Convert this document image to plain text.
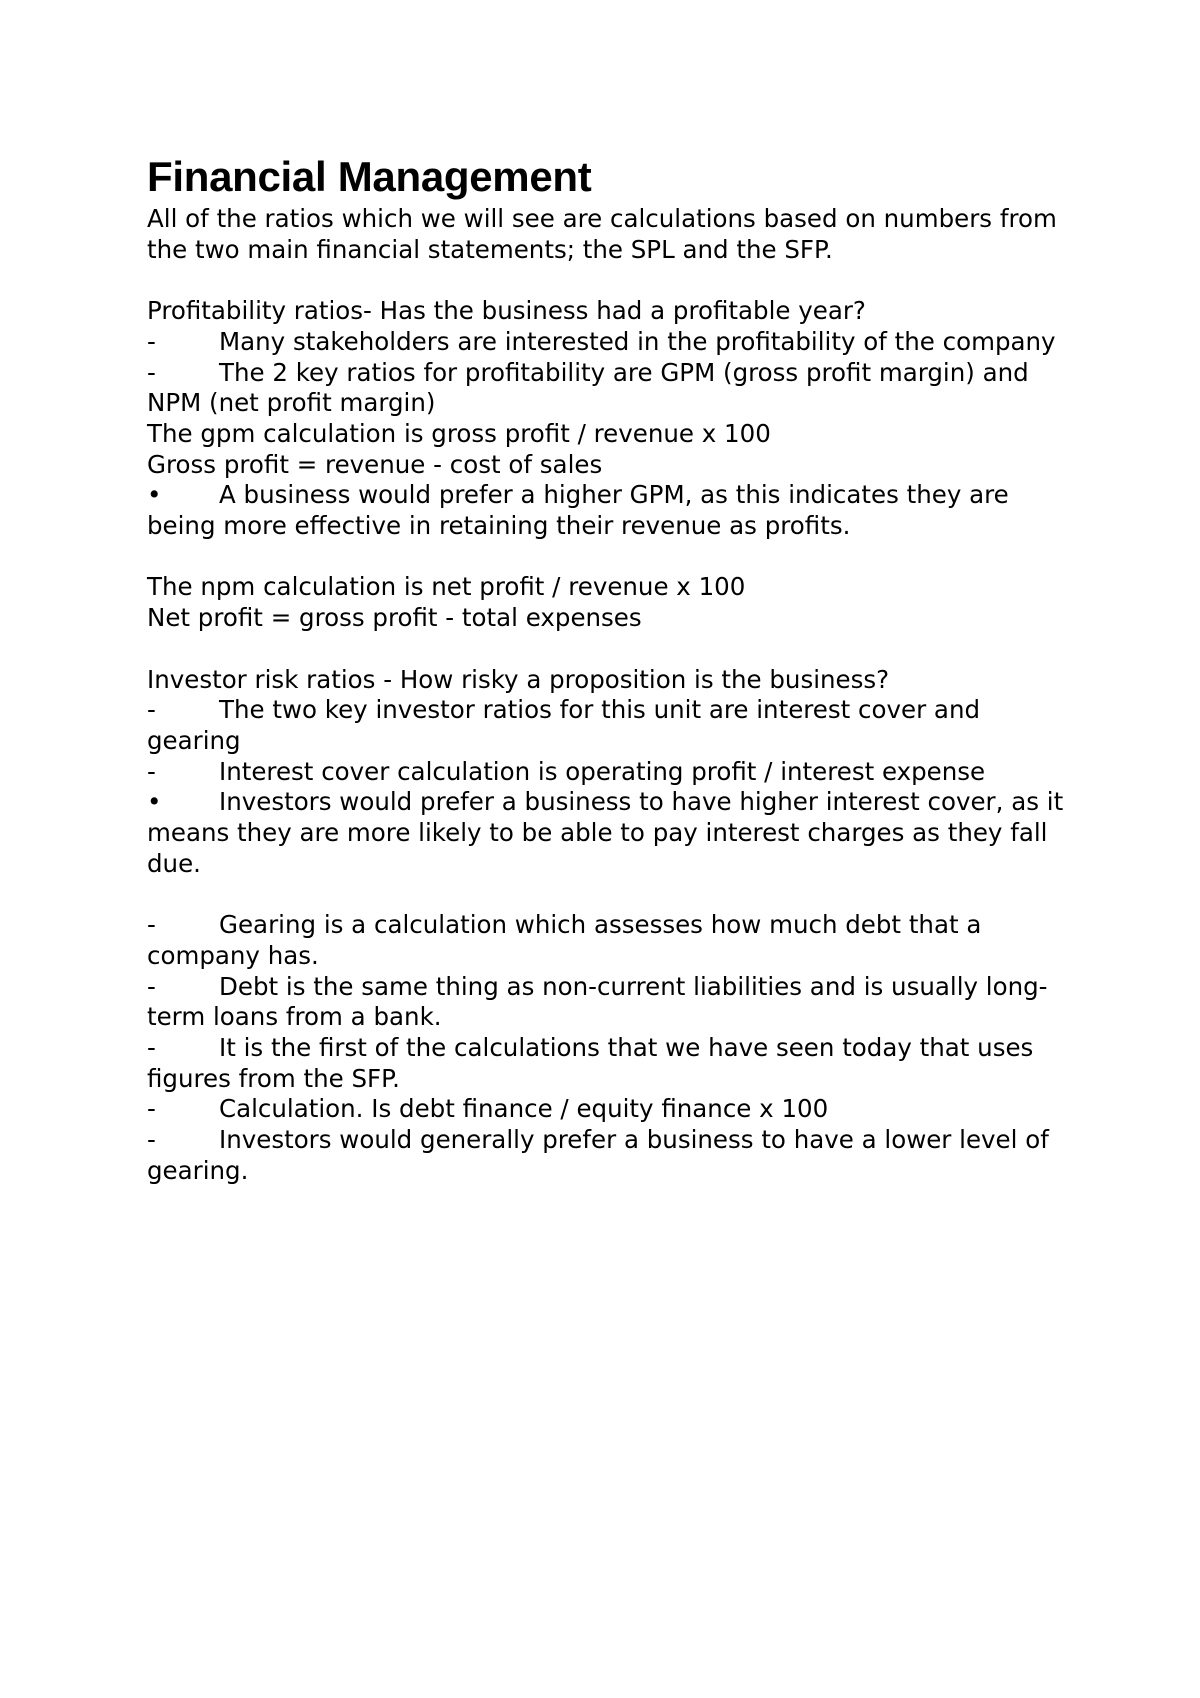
Financial Management

All of the ratios which we will see are calculations based on numbers from the two main financial statements; the SPL and the SFP.

Profitability ratios- Has the business had a profitable year?

-	Many stakeholders are interested in the profitability of the company

-	The 2 key ratios for profitability are GPM (gross profit margin) and NPM (net profit margin)

The gpm calculation is gross profit / revenue x 100

Gross profit = revenue - cost of sales

• A business would prefer a higher GPM, as this indicates they are being more effective in retaining their revenue as profits.

The npm calculation is net profit / revenue x 100

Net profit = gross profit - total expenses

Investor risk ratios - How risky a proposition is the business?

-	The two key investor ratios for this unit are interest cover and gearing

-	Interest cover calculation is operating profit / interest expense

• Investors would prefer a business to have higher interest cover, as it means they are more likely to be able to pay interest charges as they fall due.

-	Gearing is a calculation which assesses how much debt that a company has.

-	Debt is the same thing as non-current liabilities and is usually long-term loans from a bank.

-	It is the first of the calculations that we have seen today that uses figures from the SFP.

-	Calculation. Is debt finance / equity finance x 100

-	Investors would generally prefer a business to have a lower level of gearing.
